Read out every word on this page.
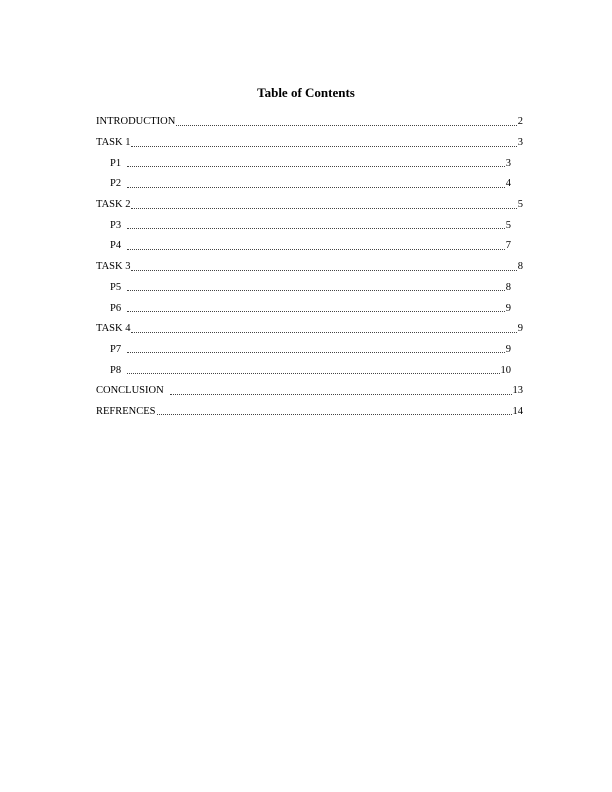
Table of Contents
INTRODUCTION	2
TASK 1	3
P1	3
P2	4
TASK 2	5
P3	5
P4	7
TASK 3	8
P5	8
P6	9
TASK 4	9
P7	9
P8	10
CONCLUSION	13
REFRENCES	14
